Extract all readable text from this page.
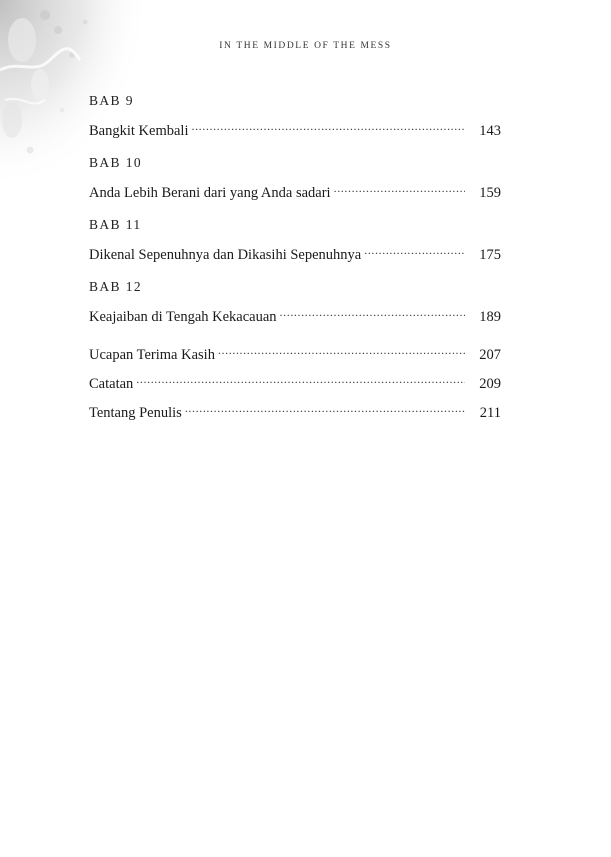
IN THE MIDDLE OF THE MESS
BAB 9
Bangkit Kembali .....	143
BAB 10
Anda Lebih Berani dari yang Anda sadari .....	159
BAB 11
Dikenal Sepenuhnya dan Dikasihi Sepenuhnya .....	175
BAB 12
Keajaiban di Tengah Kekacauan .....	189
Ucapan Terima Kasih .....	207
Catatan .....	209
Tentang Penulis .....	211
